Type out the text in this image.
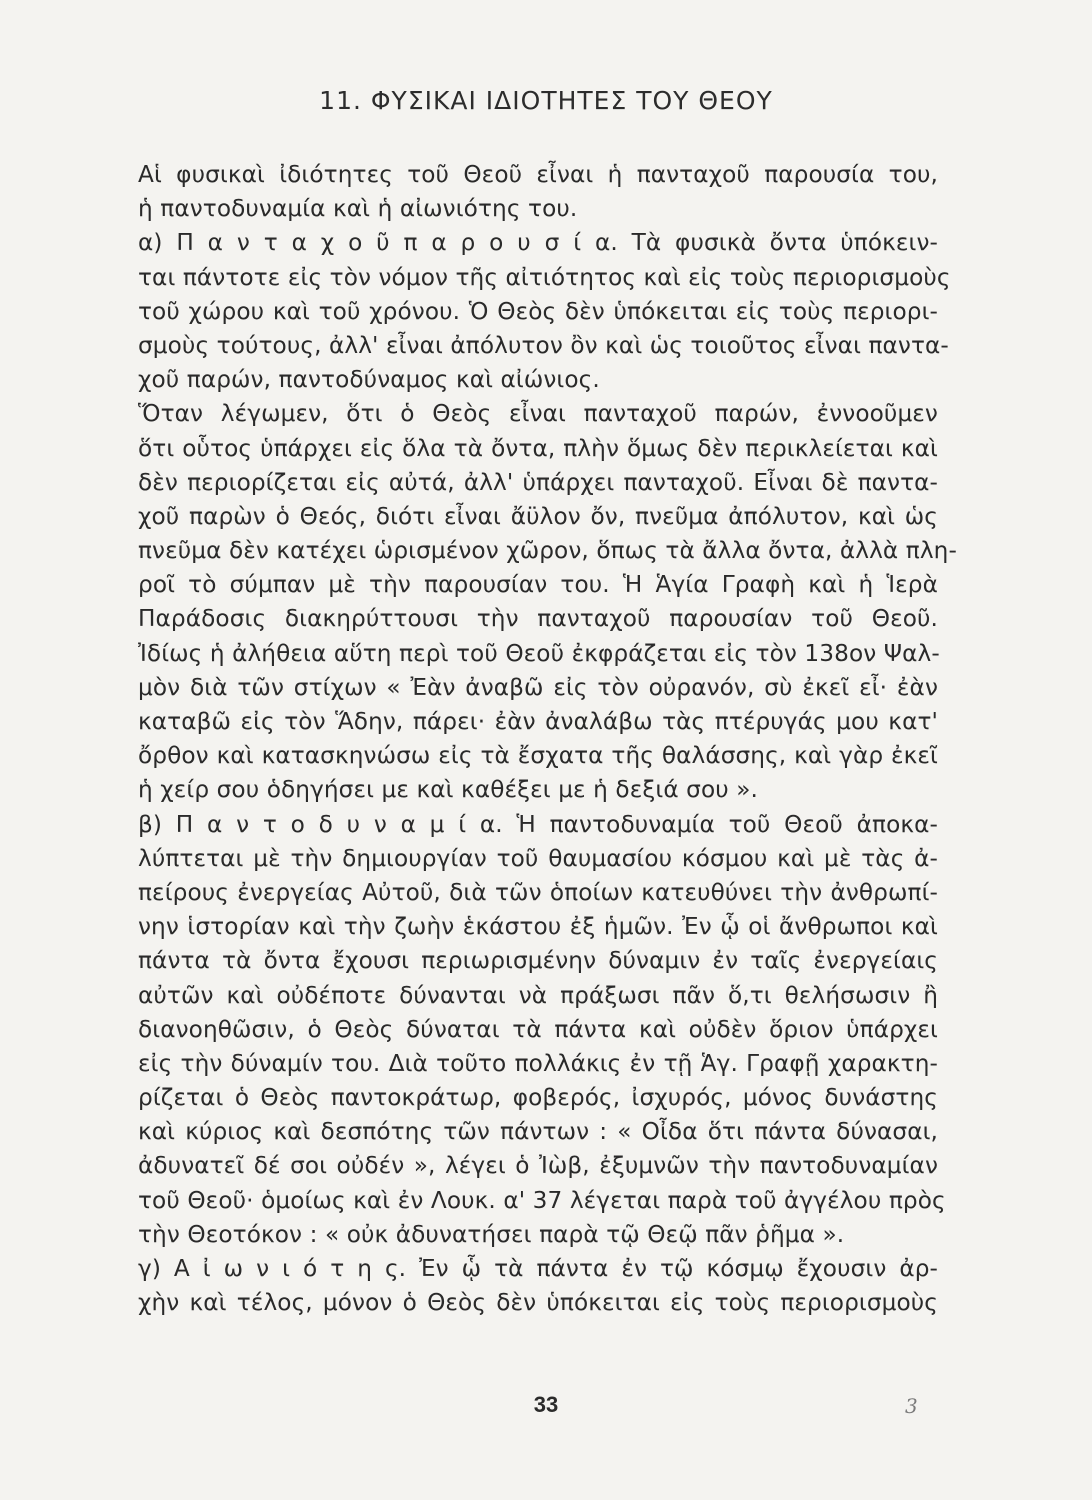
11. ΦΥΣΙΚΑΙ ΙΔΙΟΤΗΤΕΣ ΤΟΥ ΘΕΟΥ
Αἱ φυσικαὶ ἰδιότητες τοῦ Θεοῦ εἶναι ἡ πανταχοῦ παρουσία του,
ἡ παντοδυναμία καὶ ἡ αἰωνιότης του.
α) Π α ν τ α χ ο ῦ π α ρ ο υ σ ί α. Τὰ φυσικὰ ὄντα ὑπόκειν-
ται πάντοτε εἰς τὸν νόμον τῆς αἰτιότητος καὶ εἰς τοὺς περιορισμοὺς
τοῦ χώρου καὶ τοῦ χρόνου. Ὁ Θεὸς δὲν ὑπόκειται εἰς τοὺς περιορι-
σμοὺς τούτους, ἀλλ' εἶναι ἀπόλυτον ὂν καὶ ὡς τοιοῦτος εἶναι παντα-
χοῦ παρών, παντοδύναμος καὶ αἰώνιος.
Ὅταν λέγωμεν, ὅτι ὁ Θεὸς εἶναι πανταχοῦ παρών, ἐννοοῦμεν
ὅτι οὗτος ὑπάρχει εἰς ὅλα τὰ ὄντα, πλὴν ὅμως δὲν περικλείεται καὶ
δὲν περιορίζεται εἰς αὐτά, ἀλλ' ὑπάρχει πανταχοῦ. Εἶναι δὲ παντα-
χοῦ παρὼν ὁ Θεός, διότι εἶναι ἄϋλον ὄν, πνεῦμα ἀπόλυτον, καὶ ὡς
πνεῦμα δὲν κατέχει ὡρισμένον χῶρον, ὅπως τὰ ἄλλα ὄντα, ἀλλὰ πλη-
ροῖ τὸ σύμπαν μὲ τὴν παρουσίαν του. Ἡ Ἁγία Γραφὴ καὶ ἡ Ἱερὰ
Παράδοσις διακηρύττουσι τὴν πανταχοῦ παρουσίαν τοῦ Θεοῦ.
Ἰδίως ἡ ἀλήθεια αὕτη περὶ τοῦ Θεοῦ ἐκφράζεται εἰς τὸν 138ον Ψαλ-
μὸν διὰ τῶν στίχων « Ἐὰν ἀναβῶ εἰς τὸν οὐρανόν, σὺ ἐκεῖ εἶ· ἐὰν
καταβῶ εἰς τὸν Ἅδην, πάρει· ἐὰν ἀναλάβω τὰς πτέρυγάς μου κατ'
ὄρθον καὶ κατασκηνώσω εἰς τὰ ἔσχατα τῆς θαλάσσης, καὶ γὰρ ἐκεῖ
ἡ χείρ σου ὁδηγήσει με καὶ καθέξει με ἡ δεξιά σου ».
β) Π α ν τ ο δ υ ν α μ ί α. Ἡ παντοδυναμία τοῦ Θεοῦ ἀποκα-
λύπτεται μὲ τὴν δημιουργίαν τοῦ θαυμασίου κόσμου καὶ μὲ τὰς ἀ-
πείρους ἐνεργείας Αὐτοῦ, διὰ τῶν ὁποίων κατευθύνει τὴν ἀνθρωπί-
νην ἱστορίαν καὶ τὴν ζωὴν ἑκάστου ἐξ ἡμῶν. Ἐν ᾧ οἱ ἄνθρωποι καὶ
πάντα τὰ ὄντα ἔχουσι περιωρισμένην δύναμιν ἐν ταῖς ἐνεργείαις
αὐτῶν καὶ οὐδέποτε δύνανται νὰ πράξωσι πᾶν ὅ,τι θελήσωσιν ἢ
διανοηθῶσιν, ὁ Θεὸς δύναται τὰ πάντα καὶ οὐδὲν ὅριον ὑπάρχει
εἰς τὴν δύναμίν του. Διὰ τοῦτο πολλάκις ἐν τῇ Ἁγ. Γραφῇ χαρακτη-
ρίζεται ὁ Θεὸς παντοκράτωρ, φοβερός, ἰσχυρός, μόνος δυνάστης
καὶ κύριος καὶ δεσπότης τῶν πάντων : « Οἶδα ὅτι πάντα δύνασαι,
ἀδυνατεῖ δέ σοι οὐδέν », λέγει ὁ Ἰὼβ, ἐξυμνῶν τὴν παντοδυναμίαν
τοῦ Θεοῦ· ὁμοίως καὶ ἐν Λουκ. α' 37 λέγεται παρὰ τοῦ ἀγγέλου πρὸς
τὴν Θεοτόκον : « οὐκ ἀδυνατήσει παρὰ τῷ Θεῷ πᾶν ῥῆμα ».
γ) Α ἰ ω ν ι ό τ η ς. Ἐν ᾧ τὰ πάντα ἐν τῷ κόσμῳ ἔχουσιν ἀρ-
χὴν καὶ τέλος, μόνον ὁ Θεὸς δὲν ὑπόκειται εἰς τοὺς περιορισμοὺς
33	3
